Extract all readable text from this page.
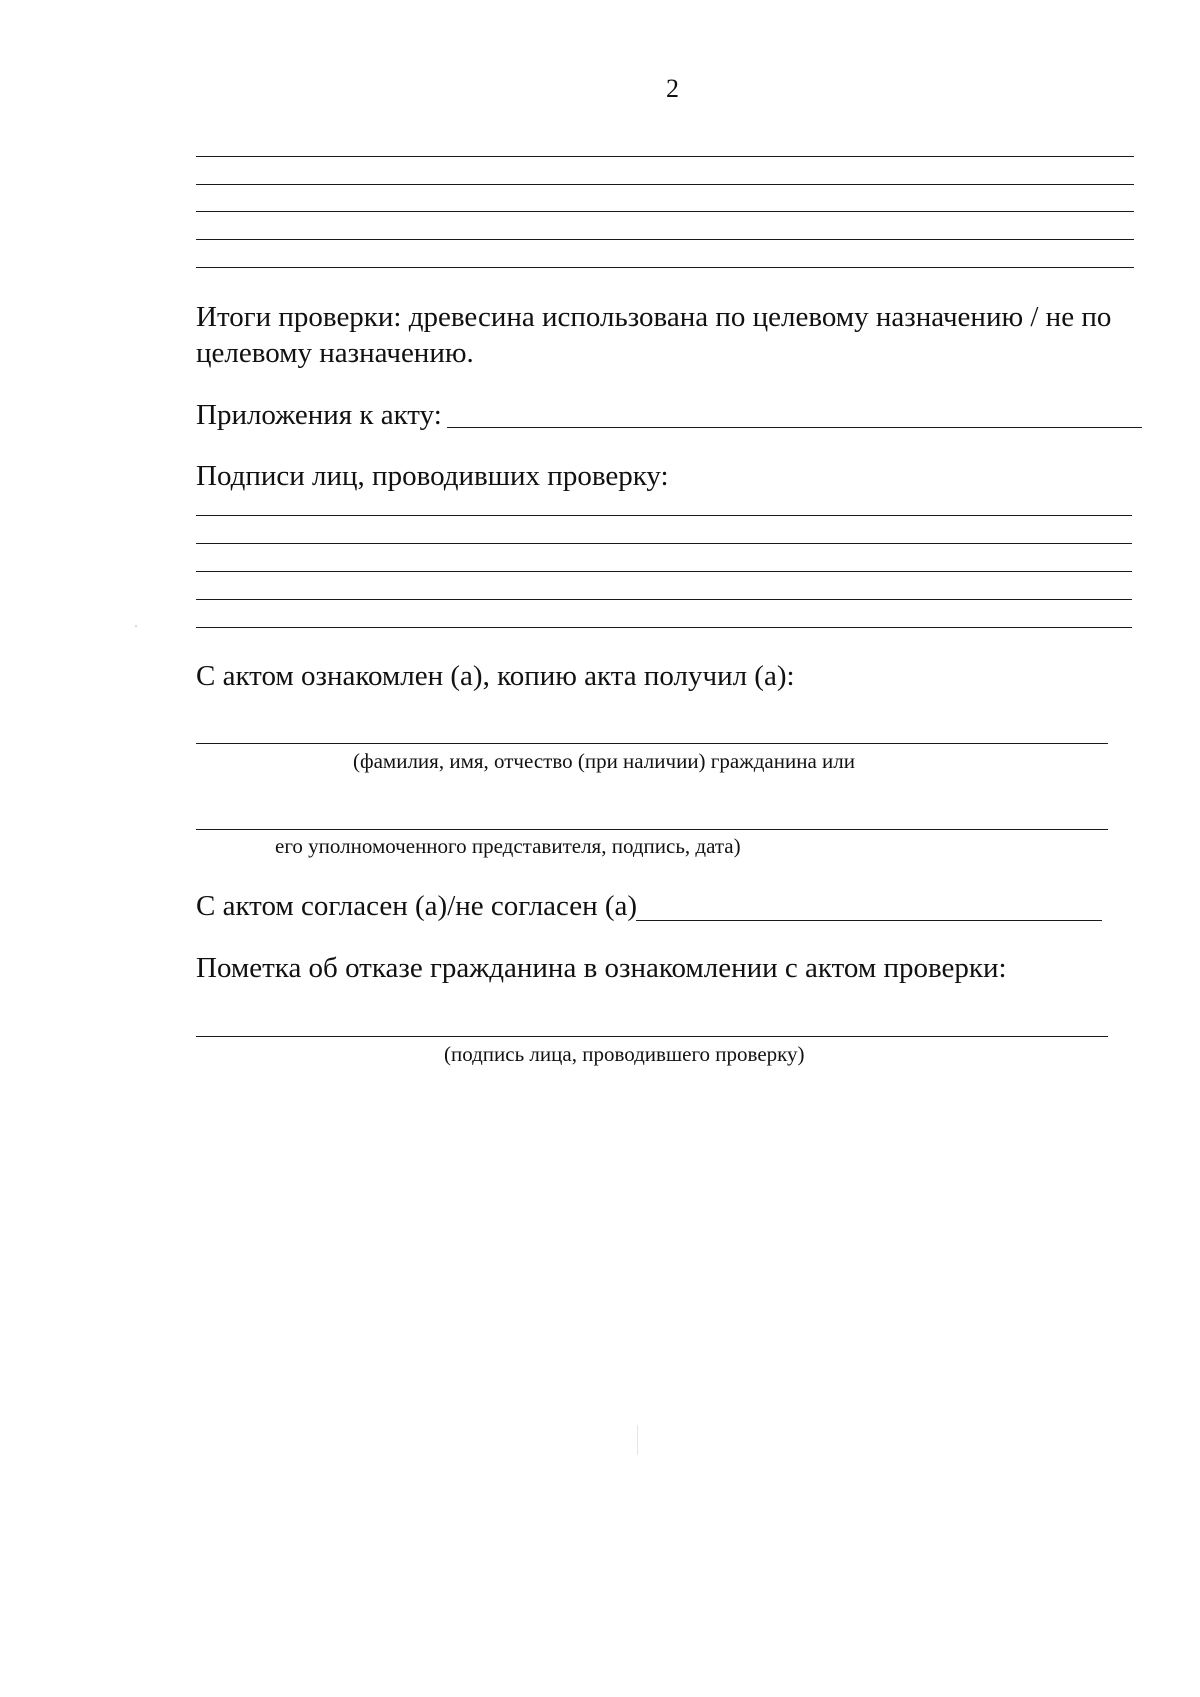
2

Итоги проверки: древесина использована по целевому назначению / не по

целевому назначению.

Приложения к акту:
Подписи лиц, проводивших проверку:
С актом ознакомлен (а), копию акта получил (а):
(фамилия, имя, отчество (при наличии) гражданина или
его уполномоченного представителя, подпись, дата)
С актом согласен (а)/не согласен (а)
Пометка об отказе гражданина в ознакомлении с актом проверки:
(подпись лица, проводившего проверку)
